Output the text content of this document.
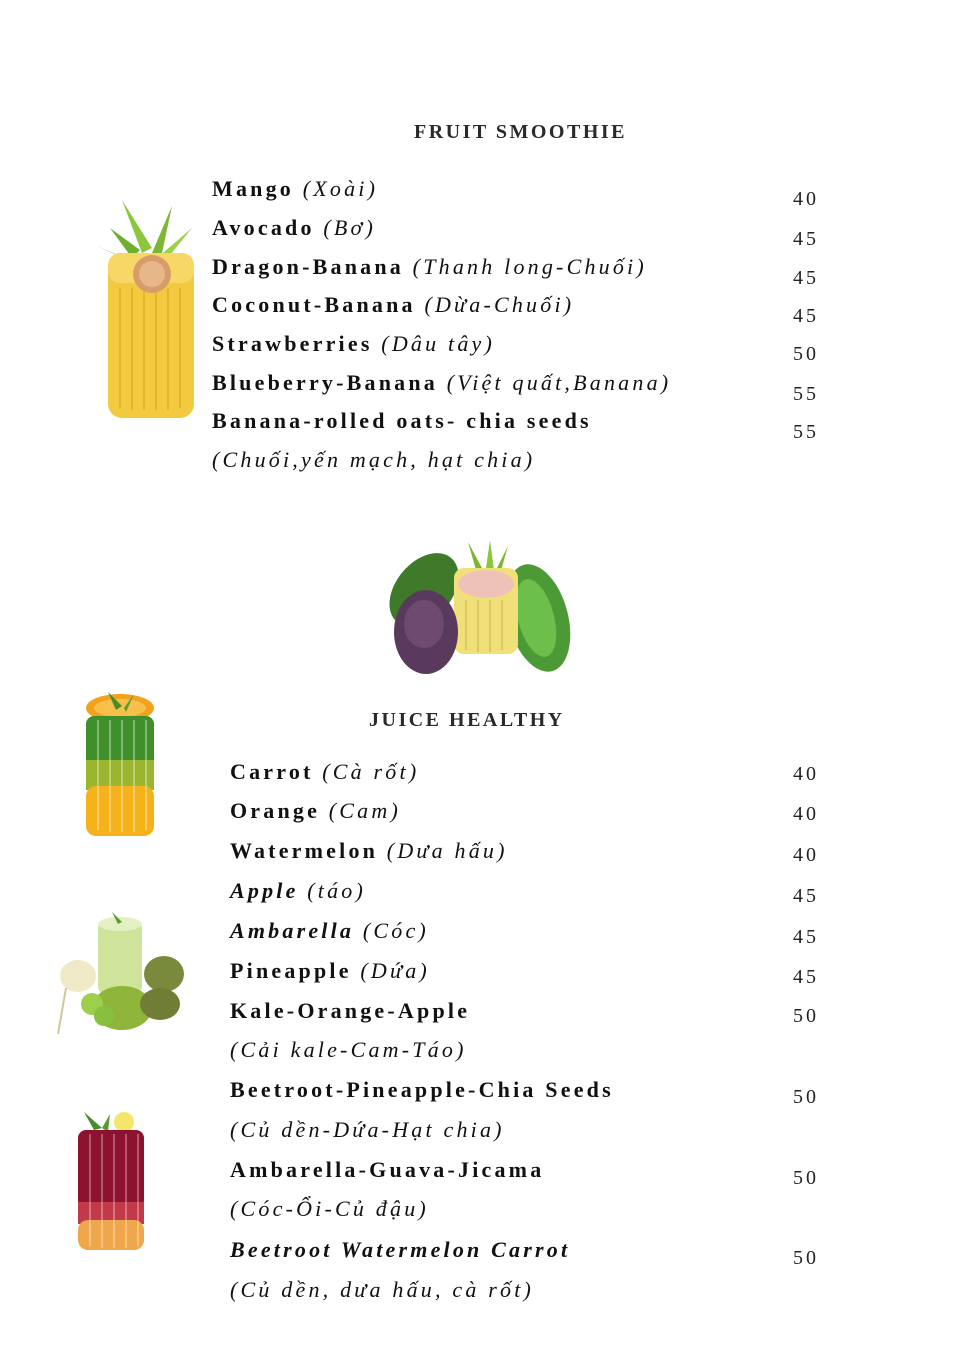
FRUIT SMOOTHIE
Mango (Xoài)	40
Avocado (Bơ)	45
Dragon-Banana (Thanh long-Chuối)	45
Coconut-Banana (Dừa-Chuối)	45
Strawberries (Dâu tây)	50
Blueberry-Banana (Việt quất,Banana)	55
Banana-rolled oats- chia seeds
(Chuối,yến mạch, hạt chia)
55
JUICE HEALTHY
Carrot (Cà rốt)	40
Orange (Cam)	40
Watermelon (Dưa hấu)	40
Apple (táo)	45
Ambarella (Cóc)	45
Pineapple (Dứa)	45
Kale-Orange-Apple
(Cải kale-Cam-Táo)
50
Beetroot-Pineapple-Chia Seeds
(Củ dền-Dứa-Hạt chia)
50
Ambarella-Guava-Jicama
(Cóc-Ổi-Củ đậu)
50
Beetroot Watermelon Carrot
(Củ dền, dưa hấu, cà rốt)
50
